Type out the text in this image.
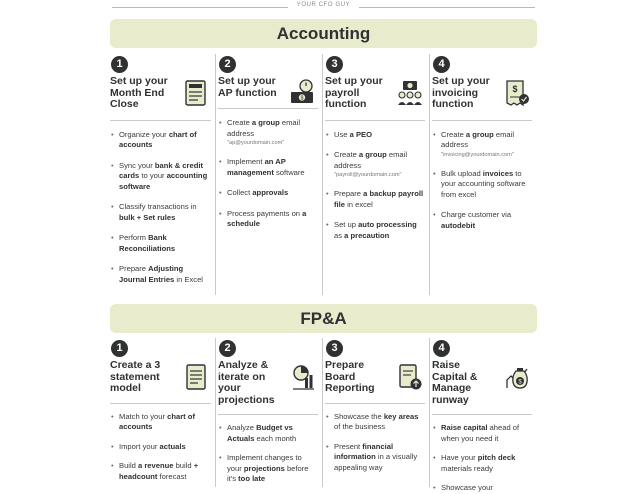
YOUR CFO GUY
Accounting
1
Set up your Month End Close
• Organize your chart of accounts
• Sync your bank & credit cards to your accounting software
• Classify transactions in bulk + Set rules
• Perform Bank Reconciliations
• Prepare Adjusting Journal Entries in Excel
2
Set up your AP function
$
• Create a group email address
"ap@yourdomain.com"
• Implement an AP management software
• Collect approvals
• Process payments on a schedule
3
Set up your payroll function
• Use a PEO
• Create a group email address
"payroll@yourdomain.com"
• Prepare a backup payroll file in excel
• Set up auto processing as a precaution
4
Set up your invoicing function
$
• Create a group email address
"invoicing@yourdomain.com"
• Bulk upload invoices to your accounting software from excel
• Charge customer via autodebit
FP&A
1
Create a 3 statement model
• Match to your chart of accounts
• Import your actuals
• Build a revenue build + headcount forecast
2
Analyze & iterate on your projections
• Analyze Budget vs Actuals each month
• Implement changes to your projections before it's too late
3
Prepare Board Reporting
• Showcase the key areas of the business
• Present financial information in a visually appealing way
4
Raise Capital & Manage runway
$
• Raise capital ahead of when you need it
• Have your pitch deck materials ready
• Showcase your
